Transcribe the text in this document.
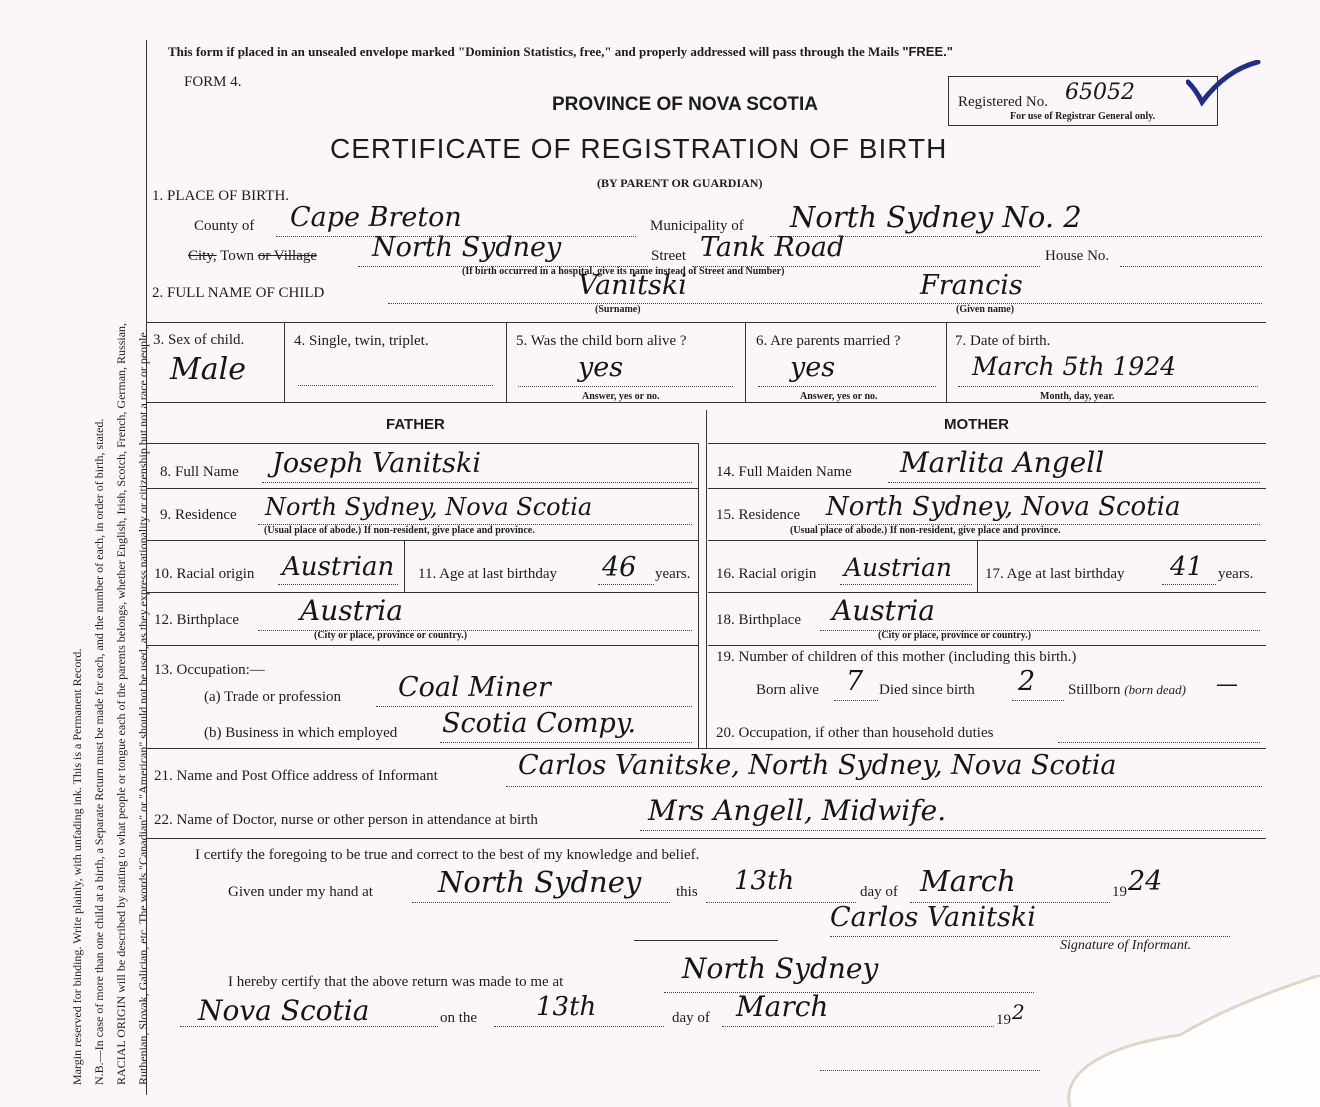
Margin reserved for binding. Write plainly, with unfading ink. This is a Permanent Record. N.B.—In case of more than one child at a birth, a Separate Return must be made for each, and the number of each, in order of birth, stated. RACIAL ORIGIN will be described by stating to what people or tongue each of the parents belongs, whether English, Irish, Scotch, French, German, Russian, Ruthenian, Slovak, Galician, etc. The words "Canadian" or "American" should not be used, as they express nationality or citizenship but not a race or people.
This form if placed in an unsealed envelope marked "Dominion Statistics, free," and properly addressed will pass through the Mails "FREE."
FORM 4.
PROVINCE OF NOVA SCOTIA
CERTIFICATE OF REGISTRATION OF BIRTH
(BY PARENT OR GUARDIAN)
Registered No. 65052
For use of Registrar General only.
1. PLACE OF BIRTH.
County of Cape Breton	Municipality of North Sydney No. 2
City, Town or Village North Sydney	Street Tank Road	House No.
(If birth occurred in a hospital, give its name instead of Street and Number)
2. FULL NAME OF CHILD	Vanitski	Francis
(Surname)	(Given name)
3. Sex of child.
Male
4. Single, twin, triplet.	5. Was the child born alive ?
yes
Answer, yes or no.
6. Are parents married ?
yes
Answer, yes or no.
7. Date of birth.
March 5th 1924
Month, day, year.
FATHER	MOTHER
8. Full Name Joseph Vanitski
9. Residence North Sydney, Nova Scotia
(Usual place of abode.) If non-resident, give place and province.
10. Racial origin Austrian 11. Age at last birthday 46 years.
12. Birthplace Austria
(City or place, province or country.)
13. Occupation:—
(a) Trade or profession Coal Miner
(b) Business in which employed Scotia Compy.
14. Full Maiden Name Marlita Angell
15. Residence North Sydney, Nova Scotia
(Usual place of abode.) If non-resident, give place and province.
16. Racial origin Austrian 17. Age at last birthday 41 years.
18. Birthplace Austria
(City or place, province or country.)
19. Number of children of this mother (including this birth.)
Born alive 7 Died since birth 2 Stillborn (born dead) —
20. Occupation, if other than household duties
21. Name and Post Office address of Informant	Carlos Vanitske, North Sydney, Nova Scotia
22. Name of Doctor, nurse or other person in attendance at birth	Mrs Angell, Midwife.
I certify the foregoing to be true and correct to the best of my knowledge and belief.
Given under my hand at North Sydney this 13th	day of March	19 24
Carlos Vanitski
Signature of Informant.
I hereby certify that the above return was made to me at	North Sydney
Nova Scotia	on the 13th	day of March	19 2
